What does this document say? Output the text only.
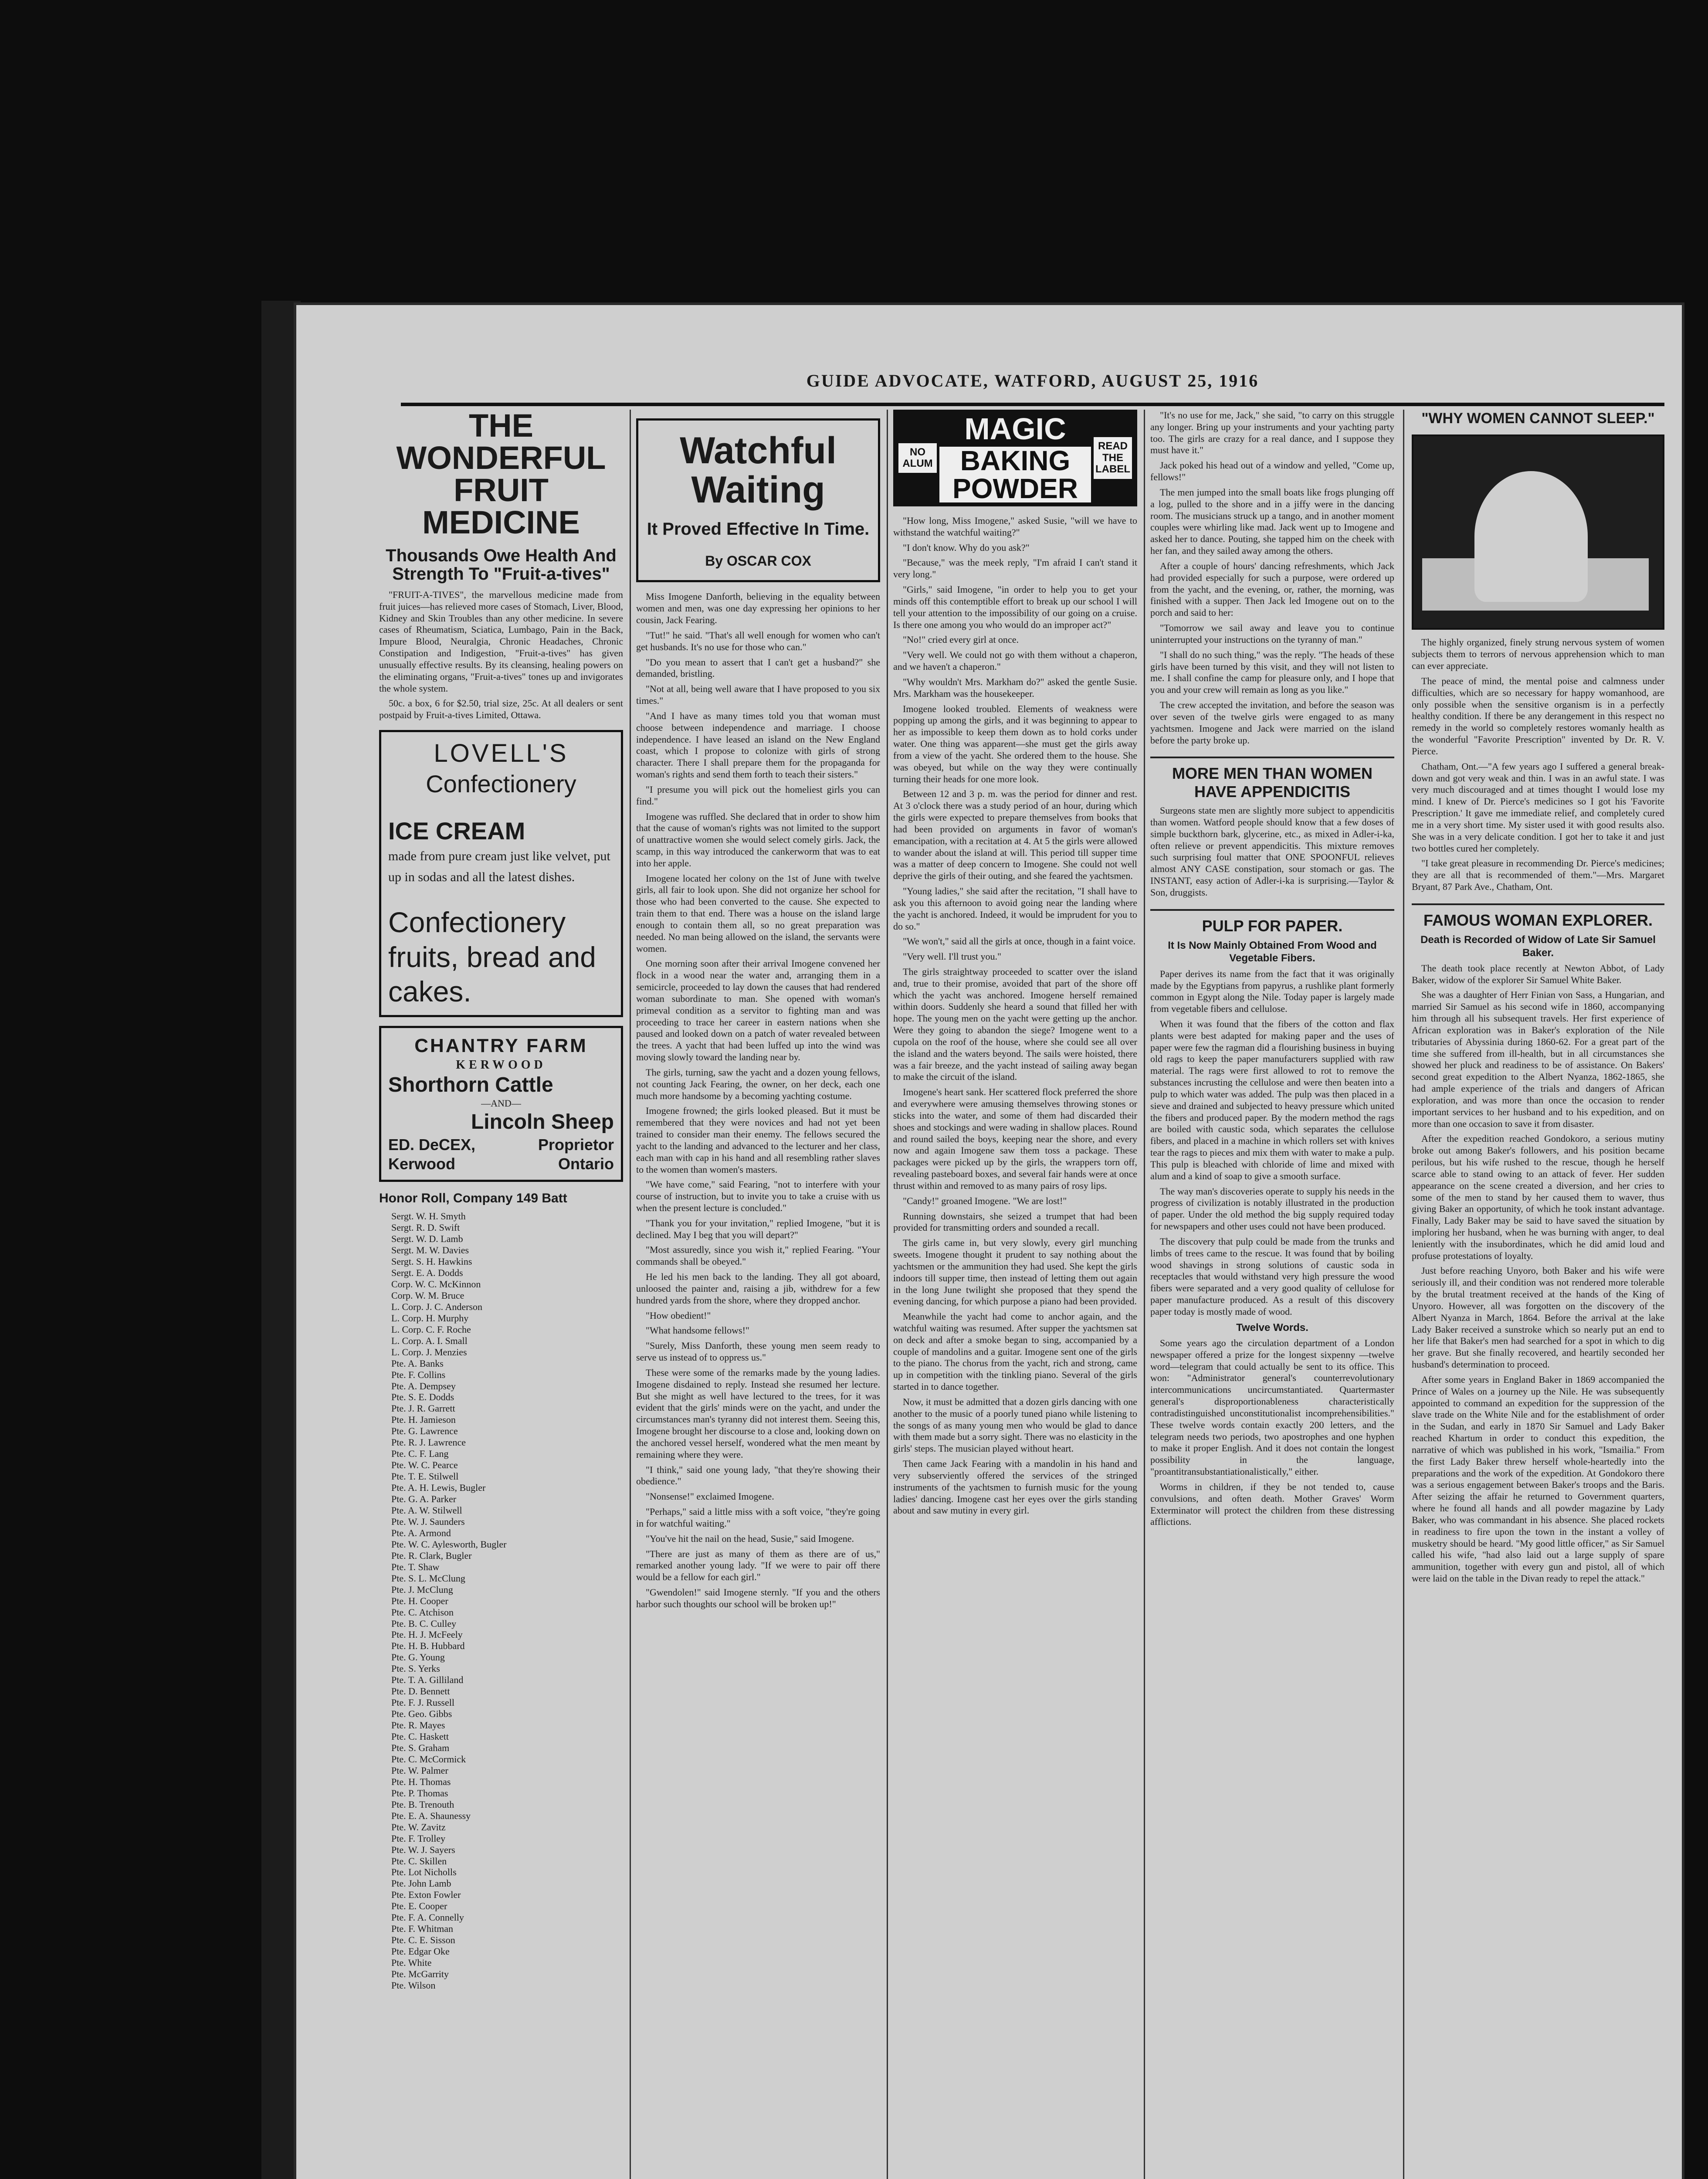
GUIDE ADVOCATE, WATFORD, AUGUST 25, 1916
THE WONDERFUL FRUIT MEDICINE
Thousands Owe Health And Strength To "Fruit-a-tives"

"FRUIT-A-TIVES", the marvellous medicine made from fruit juices—has relieved more cases of Stomach, Liver, Blood, Kidney and Skin Troubles than any other medicine. In severe cases of Rheumatism, Sciatica, Lumbago, Pain in the Back, Impure Blood, Neuralgia, Chronic Headaches, Chronic Constipation and Indigestion, "Fruit-a-tives" has given unusually effective results. By its cleansing, healing powers on the eliminating organs, "Fruit-a-tives" tones up and invigorates the whole system.

50c. a box, 6 for $2.50, trial size, 25c. At all dealers or sent postpaid by Fruit-a-tives Limited, Ottawa.

LOVELL'S
Confectionery
ICE CREAM
made from pure cream just like velvet, put up in sodas and all the latest dishes.
Confectionery fruits, bread and cakes.
CHANTRY FARM
KERWOOD
Shorthorn Cattle
—AND—
Lincoln Sheep
ED. DeCEX,	Proprietor
Kerwood	Ontario
Honor Roll, Company 149 Batt
Sergt. W. H. Smyth
Sergt. R. D. Swift
Sergt. W. D. Lamb
Sergt. M. W. Davies
Sergt. S. H. Hawkins
Sergt. E. A. Dodds
Corp. W. C. McKinnon
Corp. W. M. Bruce
L. Corp. J. C. Anderson
L. Corp. H. Murphy
L. Corp. C. F. Roche
L. Corp. A. I. Small
L. Corp. J. Menzies
Pte. A. Banks
Pte. F. Collins
Pte. A. Dempsey
Pte. S. E. Dodds
Pte. J. R. Garrett
Pte. H. Jamieson
Pte. G. Lawrence
Pte. R. J. Lawrence
Pte. C. F. Lang
Pte. W. C. Pearce
Pte. T. E. Stilwell
Pte. A. H. Lewis, Bugler
Pte. G. A. Parker
Pte. A. W. Stilwell
Pte. W. J. Saunders
Pte. A. Armond
Pte. W. C. Aylesworth, Bugler
Pte. R. Clark, Bugler
Pte. T. Shaw
Pte. S. L. McClung
Pte. J. McClung
Pte. H. Cooper
Pte. C. Atchison
Pte. B. C. Culley
Pte. H. J. McFeely
Pte. H. B. Hubbard
Pte. G. Young
Pte. S. Yerks
Pte. T. A. Gilliland
Pte. D. Bennett
Pte. F. J. Russell
Pte. Geo. Gibbs
Pte. R. Mayes
Pte. C. Haskett
Pte. S. Graham
Pte. C. McCormick
Pte. W. Palmer
Pte. H. Thomas
Pte. P. Thomas
Pte. B. Trenouth
Pte. E. A. Shaunessy
Pte. W. Zavitz
Pte. F. Trolley
Pte. W. J. Sayers
Pte. C. Skillen
Pte. Lot Nicholls
Pte. John Lamb
Pte. Exton Fowler
Pte. E. Cooper
Pte. F. A. Connelly
Pte. F. Whitman
Pte. C. E. Sisson
Pte. Edgar Oke
Pte. White
Pte. McGarrity
Pte. Wilson
Watchful Waiting
It Proved Effective In Time.
By OSCAR COX

Miss Imogene Danforth, believing in the equality between women and men, was one day expressing her opinions to her cousin, Jack Fearing.

"Tut!" he said. "That's all well enough for women who can't get husbands. It's no use for those who can."

"Do you mean to assert that I can't get a husband?" she demanded, bristling.

"Not at all, being well aware that I have proposed to you six times."

"And I have as many times told you that woman must choose between independence and marriage. I choose independence. I have leased an island on the New England coast, which I propose to colonize with girls of strong character. There I shall prepare them for the propaganda for woman's rights and send them forth to teach their sisters."

"I presume you will pick out the homeliest girls you can find."

Imogene was ruffled. She declared that in order to show him that the cause of woman's rights was not limited to the support of unattractive women she would select comely girls. Jack, the scamp, in this way introduced the cankerworm that was to eat into her apple.

Imogene located her colony on the 1st of June with twelve girls, all fair to look upon. She did not organize her school for those who had been converted to the cause. She expected to train them to that end. There was a house on the island large enough to contain them all, so no great preparation was needed. No man being allowed on the island, the servants were women.

One morning soon after their arrival Imogene convened her flock in a wood near the water and, arranging them in a semicircle, proceeded to lay down the causes that had rendered woman subordinate to man. She opened with woman's primeval condition as a servitor to fighting man and was proceeding to trace her career in eastern nations when she paused and looked down on a patch of water revealed between the trees. A yacht that had been luffed up into the wind was moving slowly toward the landing near by.

The girls, turning, saw the yacht and a dozen young fellows, not counting Jack Fearing, the owner, on her deck, each one much more handsome by a becoming yachting costume.

Imogene frowned; the girls looked pleased. But it must be remembered that they were novices and had not yet been trained to consider man their enemy. The fellows secured the yacht to the landing and advanced to the lecturer and her class, each man with cap in his hand and all resembling rather slaves to the women than women's masters.

"We have come," said Fearing, "not to interfere with your course of instruction, but to invite you to take a cruise with us when the present lecture is concluded."

"Thank you for your invitation," replied Imogene, "but it is declined. May I beg that you will depart?"

"Most assuredly, since you wish it," replied Fearing. "Your commands shall be obeyed."

He led his men back to the landing. They all got aboard, unloosed the painter and, raising a jib, withdrew for a few hundred yards from the shore, where they dropped anchor.

"How obedient!"

"What handsome fellows!"

"Surely, Miss Danforth, these young men seem ready to serve us instead of to oppress us."

These were some of the remarks made by the young ladies. Imogene disdained to reply. Instead she resumed her lecture. But she might as well have lectured to the trees, for it was evident that the girls' minds were on the yacht, and under the circumstances man's tyranny did not interest them. Seeing this, Imogene brought her discourse to a close and, looking down on the anchored vessel herself, wondered what the men meant by remaining where they were.

"I think," said one young lady, "that they're showing their obedience."

"Nonsense!" exclaimed Imogene.

"Perhaps," said a little miss with a soft voice, "they're going in for watchful waiting."

"You've hit the nail on the head, Susie," said Imogene.

"There are just as many of them as there are of us," remarked another young lady. "If we were to pair off there would be a fellow for each girl."

"Gwendolen!" said Imogene sternly. "If you and the others harbor such thoughts our school will be broken up!"

NO ALUM
MAGIC
BAKING POWDER
READ THE LABEL

"How long, Miss Imogene," asked Susie, "will we have to withstand the watchful waiting?"

"I don't know. Why do you ask?"

"Because," was the meek reply, "I'm afraid I can't stand it very long."

"Girls," said Imogene, "in order to help you to get your minds off this contemptible effort to break up our school I will tell your attention to the impossibility of our going on a cruise. Is there one among you who would do an improper act?"

"No!" cried every girl at once.

"Very well. We could not go with them without a chaperon, and we haven't a chaperon."

"Why wouldn't Mrs. Markham do?" asked the gentle Susie. Mrs. Markham was the housekeeper.

Imogene looked troubled. Elements of weakness were popping up among the girls, and it was beginning to appear to her as impossible to keep them down as to hold corks under water. One thing was apparent—she must get the girls away from a view of the yacht. She ordered them to the house. She was obeyed, but while on the way they were continually turning their heads for one more look.

Between 12 and 3 p. m. was the period for dinner and rest. At 3 o'clock there was a study period of an hour, during which the girls were expected to prepare themselves from books that had been provided on arguments in favor of woman's emancipation, with a recitation at 4. At 5 the girls were allowed to wander about the island at will. This period till supper time was a matter of deep concern to Imogene. She could not well deprive the girls of their outing, and she feared the yachtsmen.

"Young ladies," she said after the recitation, "I shall have to ask you this afternoon to avoid going near the landing where the yacht is anchored. Indeed, it would be imprudent for you to do so."

"We won't," said all the girls at once, though in a faint voice.

"Very well. I'll trust you."

The girls straightway proceeded to scatter over the island and, true to their promise, avoided that part of the shore off which the yacht was anchored. Imogene herself remained within doors. Suddenly she heard a sound that filled her with hope. The young men on the yacht were getting up the anchor. Were they going to abandon the siege? Imogene went to a cupola on the roof of the house, where she could see all over the island and the waters beyond. The sails were hoisted, there was a fair breeze, and the yacht instead of sailing away began to make the circuit of the island.

Imogene's heart sank. Her scattered flock preferred the shore and everywhere were amusing themselves throwing stones or sticks into the water, and some of them had discarded their shoes and stockings and were wading in shallow places. Round and round sailed the boys, keeping near the shore, and every now and again Imogene saw them toss a package. These packages were picked up by the girls, the wrappers torn off, revealing pasteboard boxes, and several fair hands were at once thrust within and removed to as many pairs of rosy lips.

"Candy!" groaned Imogene. "We are lost!"

Running downstairs, she seized a trumpet that had been provided for transmitting orders and sounded a recall.

The girls came in, but very slowly, every girl munching sweets. Imogene thought it prudent to say nothing about the yachtsmen or the ammunition they had used. She kept the girls indoors till supper time, then instead of letting them out again in the long June twilight she proposed that they spend the evening dancing, for which purpose a piano had been provided.

Meanwhile the yacht had come to anchor again, and the watchful waiting was resumed. After supper the yachtsmen sat on deck and after a smoke began to sing, accompanied by a couple of mandolins and a guitar. Imogene sent one of the girls to the piano. The chorus from the yacht, rich and strong, came up in competition with the tinkling piano. Several of the girls started in to dance together.

Now, it must be admitted that a dozen girls dancing with one another to the music of a poorly tuned piano while listening to the songs of as many young men who would be glad to dance with them made but a sorry sight. There was no elasticity in the girls' steps. The musician played without heart.

Then came Jack Fearing with a mandolin in his hand and very subserviently offered the services of the stringed instruments of the yachtsmen to furnish music for the young ladies' dancing. Imogene cast her eyes over the girls standing about and saw mutiny in every girl.

"It's no use for me, Jack," she said, "to carry on this struggle any longer. Bring up your instruments and your yachting party too. The girls are crazy for a real dance, and I suppose they must have it."

Jack poked his head out of a window and yelled, "Come up, fellows!"

The men jumped into the small boats like frogs plunging off a log, pulled to the shore and in a jiffy were in the dancing room. The musicians struck up a tango, and in another moment couples were whirling like mad. Jack went up to Imogene and asked her to dance. Pouting, she tapped him on the cheek with her fan, and they sailed away among the others.

After a couple of hours' dancing refreshments, which Jack had provided especially for such a purpose, were ordered up from the yacht, and the evening, or, rather, the morning, was finished with a supper. Then Jack led Imogene out on to the porch and said to her:

"Tomorrow we sail away and leave you to continue uninterrupted your instructions on the tyranny of man."

"I shall do no such thing," was the reply. "The heads of these girls have been turned by this visit, and they will not listen to me. I shall confine the camp for pleasure only, and I hope that you and your crew will remain as long as you like."

The crew accepted the invitation, and before the season was over seven of the twelve girls were engaged to as many yachtsmen. Imogene and Jack were married on the island before the party broke up.

MORE MEN THAN WOMEN HAVE APPENDICITIS

Surgeons state men are slightly more subject to appendicitis than women. Watford people should know that a few doses of simple buckthorn bark, glycerine, etc., as mixed in Adler-i-ka, often relieve or prevent appendicitis. This mixture removes such surprising foul matter that ONE SPOONFUL relieves almost ANY CASE constipation, sour stomach or gas. The INSTANT, easy action of Adler-i-ka is surprising.—Taylor & Son, druggists.

PULP FOR PAPER.
It Is Now Mainly Obtained From Wood and Vegetable Fibers.

Paper derives its name from the fact that it was originally made by the Egyptians from papyrus, a rushlike plant formerly common in Egypt along the Nile. Today paper is largely made from vegetable fibers and cellulose.

When it was found that the fibers of the cotton and flax plants were best adapted for making paper and the uses of paper were few the ragman did a flourishing business in buying old rags to keep the paper manufacturers supplied with raw material. The rags were first allowed to rot to remove the substances incrusting the cellulose and were then beaten into a pulp to which water was added. The pulp was then placed in a sieve and drained and subjected to heavy pressure which united the fibers and produced paper. By the modern method the rags are boiled with caustic soda, which separates the cellulose fibers, and placed in a machine in which rollers set with knives tear the rags to pieces and mix them with water to make a pulp. This pulp is bleached with chloride of lime and mixed with alum and a kind of soap to give a smooth surface.

The way man's discoveries operate to supply his needs in the progress of civilization is notably illustrated in the production of paper. Under the old method the big supply required today for newspapers and other uses could not have been produced.

The discovery that pulp could be made from the trunks and limbs of trees came to the rescue. It was found that by boiling wood shavings in strong solutions of caustic soda in receptacles that would withstand very high pressure the wood fibers were separated and a very good quality of cellulose for paper manufacture produced. As a result of this discovery paper today is mostly made of wood.

Twelve Words.

Some years ago the circulation department of a London newspaper offered a prize for the longest sixpenny —twelve word—telegram that could actually be sent to its office. This won: "Administrator general's counterrevolutionary intercommunications uncircumstantiated. Quartermaster general's disproportionableness characteristically contradistinguished unconstitutionalist incomprehensibilities." These twelve words contain exactly 200 letters, and the telegram needs two periods, two apostrophes and one hyphen to make it proper English. And it does not contain the longest possibility in the language, "proantitransubstantiationalistically," either.

Worms in children, if they be not tended to, cause convulsions, and often death. Mother Graves' Worm Exterminator will protect the children from these distressing afflictions.

"WHY WOMEN CANNOT SLEEP."

The highly organized, finely strung nervous system of women subjects them to terrors of nervous apprehension which to man can ever appreciate.

The peace of mind, the mental poise and calmness under difficulties, which are so necessary for happy womanhood, are only possible when the sensitive organism is in a perfectly healthy condition. If there be any derangement in this respect no remedy in the world so completely restores womanly health as the wonderful "Favorite Prescription" invented by Dr. R. V. Pierce.

Chatham, Ont.—"A few years ago I suffered a general break-down and got very weak and thin. I was in an awful state. I was very much discouraged and at times thought I would lose my mind. I knew of Dr. Pierce's medicines so I got his 'Favorite Prescription.' It gave me immediate relief, and completely cured me in a very short time. My sister used it with good results also. She was in a very delicate condition. I got her to take it and just two bottles cured her completely.

"I take great pleasure in recommending Dr. Pierce's medicines; they are all that is recommended of them."—Mrs. Margaret Bryant, 87 Park Ave., Chatham, Ont.

FAMOUS WOMAN EXPLORER.
Death is Recorded of Widow of Late Sir Samuel Baker.

The death took place recently at Newton Abbot, of Lady Baker, widow of the explorer Sir Samuel White Baker.

She was a daughter of Herr Finian von Sass, a Hungarian, and married Sir Samuel as his second wife in 1860, accompanying him through all his subsequent travels. Her first experience of African exploration was in Baker's exploration of the Nile tributaries of Abyssinia during 1860-62. For a great part of the time she suffered from ill-health, but in all circumstances she showed her pluck and readiness to be of assistance. On Bakers' second great expedition to the Albert Nyanza, 1862-1865, she had ample experience of the trials and dangers of African exploration, and was more than once the occasion to render important services to her husband and to his expedition, and on more than one occasion to save it from disaster.

After the expedition reached Gondokoro, a serious mutiny broke out among Baker's followers, and his position became perilous, but his wife rushed to the rescue, though he herself scarce able to stand owing to an attack of fever. Her sudden appearance on the scene created a diversion, and her cries to some of the men to stand by her caused them to waver, thus giving Baker an opportunity, of which he took instant advantage. Finally, Lady Baker may be said to have saved the situation by imploring her husband, when he was burning with anger, to deal leniently with the insubordinates, which he did amid loud and profuse protestations of loyalty.

Just before reaching Unyoro, both Baker and his wife were seriously ill, and their condition was not rendered more tolerable by the brutal treatment received at the hands of the King of Unyoro. However, all was forgotten on the discovery of the Albert Nyanza in March, 1864. Before the arrival at the lake Lady Baker received a sunstroke which so nearly put an end to her life that Baker's men had searched for a spot in which to dig her grave. But she finally recovered, and heartily seconded her husband's determination to proceed.

After some years in England Baker in 1869 accompanied the Prince of Wales on a journey up the Nile. He was subsequently appointed to command an expedition for the suppression of the slave trade on the White Nile and for the establishment of order in the Sudan, and early in 1870 Sir Samuel and Lady Baker reached Khartum in order to conduct this expedition, the narrative of which was published in his work, "Ismailia." From the first Lady Baker threw herself whole-heartedly into the preparations and the work of the expedition. At Gondokoro there was a serious engagement between Baker's troops and the Baris. After seizing the affair he returned to Government quarters, where he found all hands and all powder magazine by Lady Baker, who was commandant in his absence. She placed rockets in readiness to fire upon the town in the instant a volley of musketry should be heard. "My good little officer," as Sir Samuel called his wife, "had also laid out a large supply of spare ammunition, together with every gun and pistol, all of which were laid on the table in the Divan ready to repel the attack."
